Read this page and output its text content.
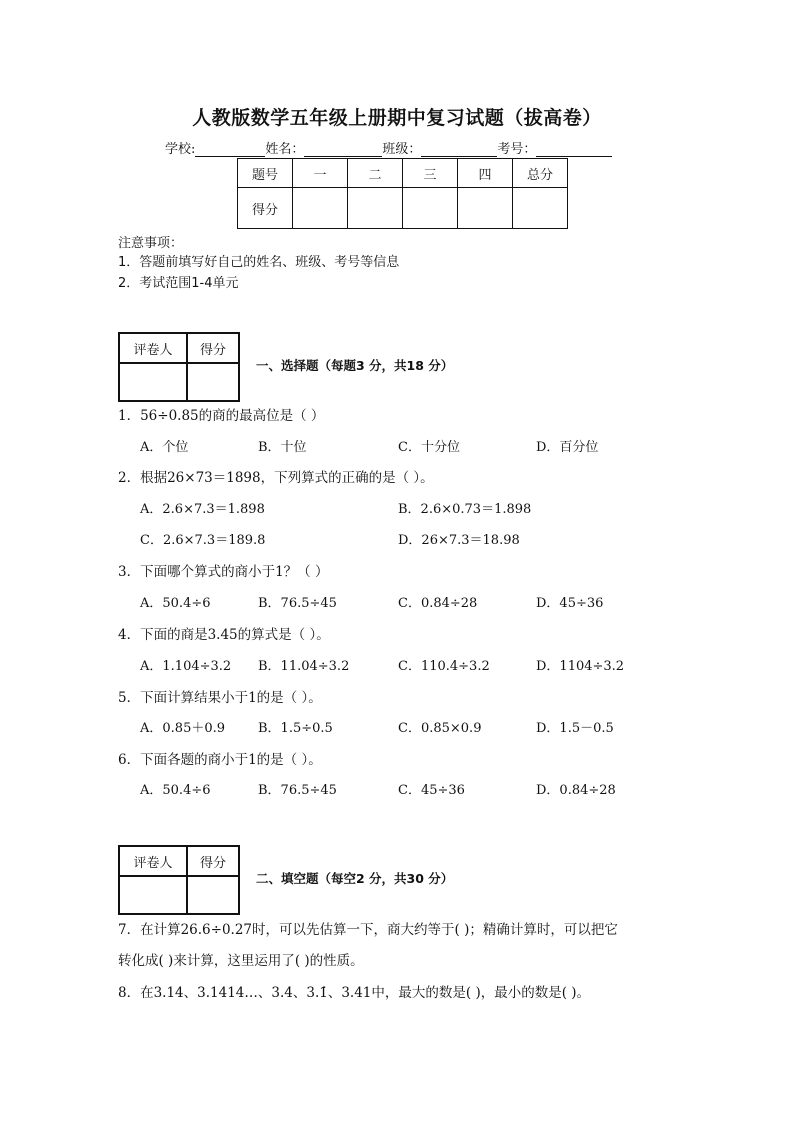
人教版数学五年级上册期中复习试题（拔高卷）
学校:	姓名：	班级：	考号：
题号	一	二	三	四	总分
得分					
注意事项：
1．答题前填写好自己的姓名、班级、考号等信息
2．考试范围1-4单元
评卷人	得分

一、选择题（每题3 分，共18 分）
1．56÷0.85的商的最高位是（ ）
A．个位	B．十位	C．十分位	D．百分位
2．根据26×73＝1898，下列算式的正确的是（ ）。
A．2.6×7.3＝1.898	B．2.6×0.73＝1.898
C．2.6×7.3＝189.8	D．26×7.3＝18.98
3．下面哪个算式的商小于1？（ ）
A．50.4÷6	B．76.5÷45	C．0.84÷28	D．45÷36
4．下面的商是3.45的算式是（ ）。
A．1.104÷3.2 B．11.04÷3.2	C．110.4÷3.2	D．1104÷3.2
5．下面计算结果小于1的是（ ）。
A．0.85＋0.9	B．1.5÷0.5	C．0.85×0.9	D．1.5－0.5
6．下面各题的商小于1的是（ ）。
A．50.4÷6	B．76.5÷45	C．45÷36	D．0.84÷28
评卷人	得分

二、填空题（每空2 分，共30 分）
7．在计算26.6÷0.27时，可以先估算一下，商大约等于( )；精确计算时，可以把它
转化成( )来计算，这里运用了( )的性质。
8．在3.14、3.1414…、3.4̇、3.1̇、3.41中，最大的数是( )，最小的数是( )。
